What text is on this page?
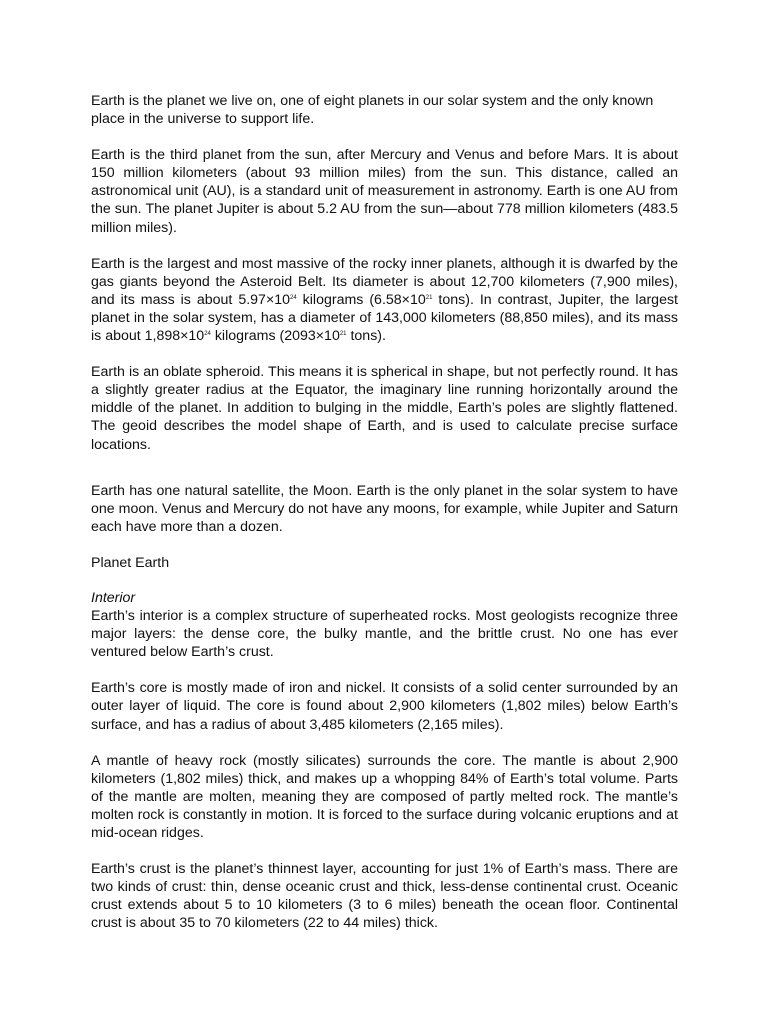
Earth is the planet we live on, one of eight planets in our solar system and the only known place in the universe to support life.

Earth is the third planet from the sun, after Mercury and Venus and before Mars. It is about 150 million kilometers (about 93 million miles) from the sun. This distance, called an astronomical unit (AU), is a standard unit of measurement in astronomy. Earth is one AU from the sun. The planet Jupiter is about 5.2 AU from the sun—about 778 million kilometers (483.5 million miles).

Earth is the largest and most massive of the rocky inner planets, although it is dwarfed by the gas giants beyond the Asteroid Belt. Its diameter is about 12,700 kilometers (7,900 miles), and its mass is about $5.97\times 10^{24}$ kilograms ($6.58\times 10^{21}$ tons). In contrast, Jupiter, the largest planet in the solar system, has a diameter of 143,000 kilometers (88,850 miles), and its mass is about $1,898\times 10^{24}$ kilograms ($2093\times 10^{21}$ tons).

Earth is an oblate spheroid. This means it is spherical in shape, but not perfectly round. It has a slightly greater radius at the Equator, the imaginary line running horizontally around the middle of the planet. In addition to bulging in the middle, Earth’s poles are slightly flattened. The geoid describes the model shape of Earth, and is used to calculate precise surface locations.

Earth has one natural satellite, the Moon. Earth is the only planet in the solar system to have one moon. Venus and Mercury do not have any moons, for example, while Jupiter and Saturn each have more than a dozen.

Planet Earth

Interior

Earth’s interior is a complex structure of superheated rocks. Most geologists recognize three major layers: the dense core, the bulky mantle, and the brittle crust. No one has ever ventured below Earth’s crust.

Earth’s core is mostly made of iron and nickel. It consists of a solid center surrounded by an outer layer of liquid. The core is found about 2,900 kilometers (1,802 miles) below Earth’s surface, and has a radius of about 3,485 kilometers (2,165 miles).

A mantle of heavy rock (mostly silicates) surrounds the core. The mantle is about 2,900 kilometers (1,802 miles) thick, and makes up a whopping 84% of Earth’s total volume. Parts of the mantle are molten, meaning they are composed of partly melted rock. The mantle’s molten rock is constantly in motion. It is forced to the surface during volcanic eruptions and at mid-ocean ridges.

Earth’s crust is the planet’s thinnest layer, accounting for just 1% of Earth’s mass. There are two kinds of crust: thin, dense oceanic crust and thick, less-dense continental crust. Oceanic crust extends about 5 to 10 kilometers (3 to 6 miles) beneath the ocean floor. Continental crust is about 35 to 70 kilometers (22 to 44 miles) thick.
